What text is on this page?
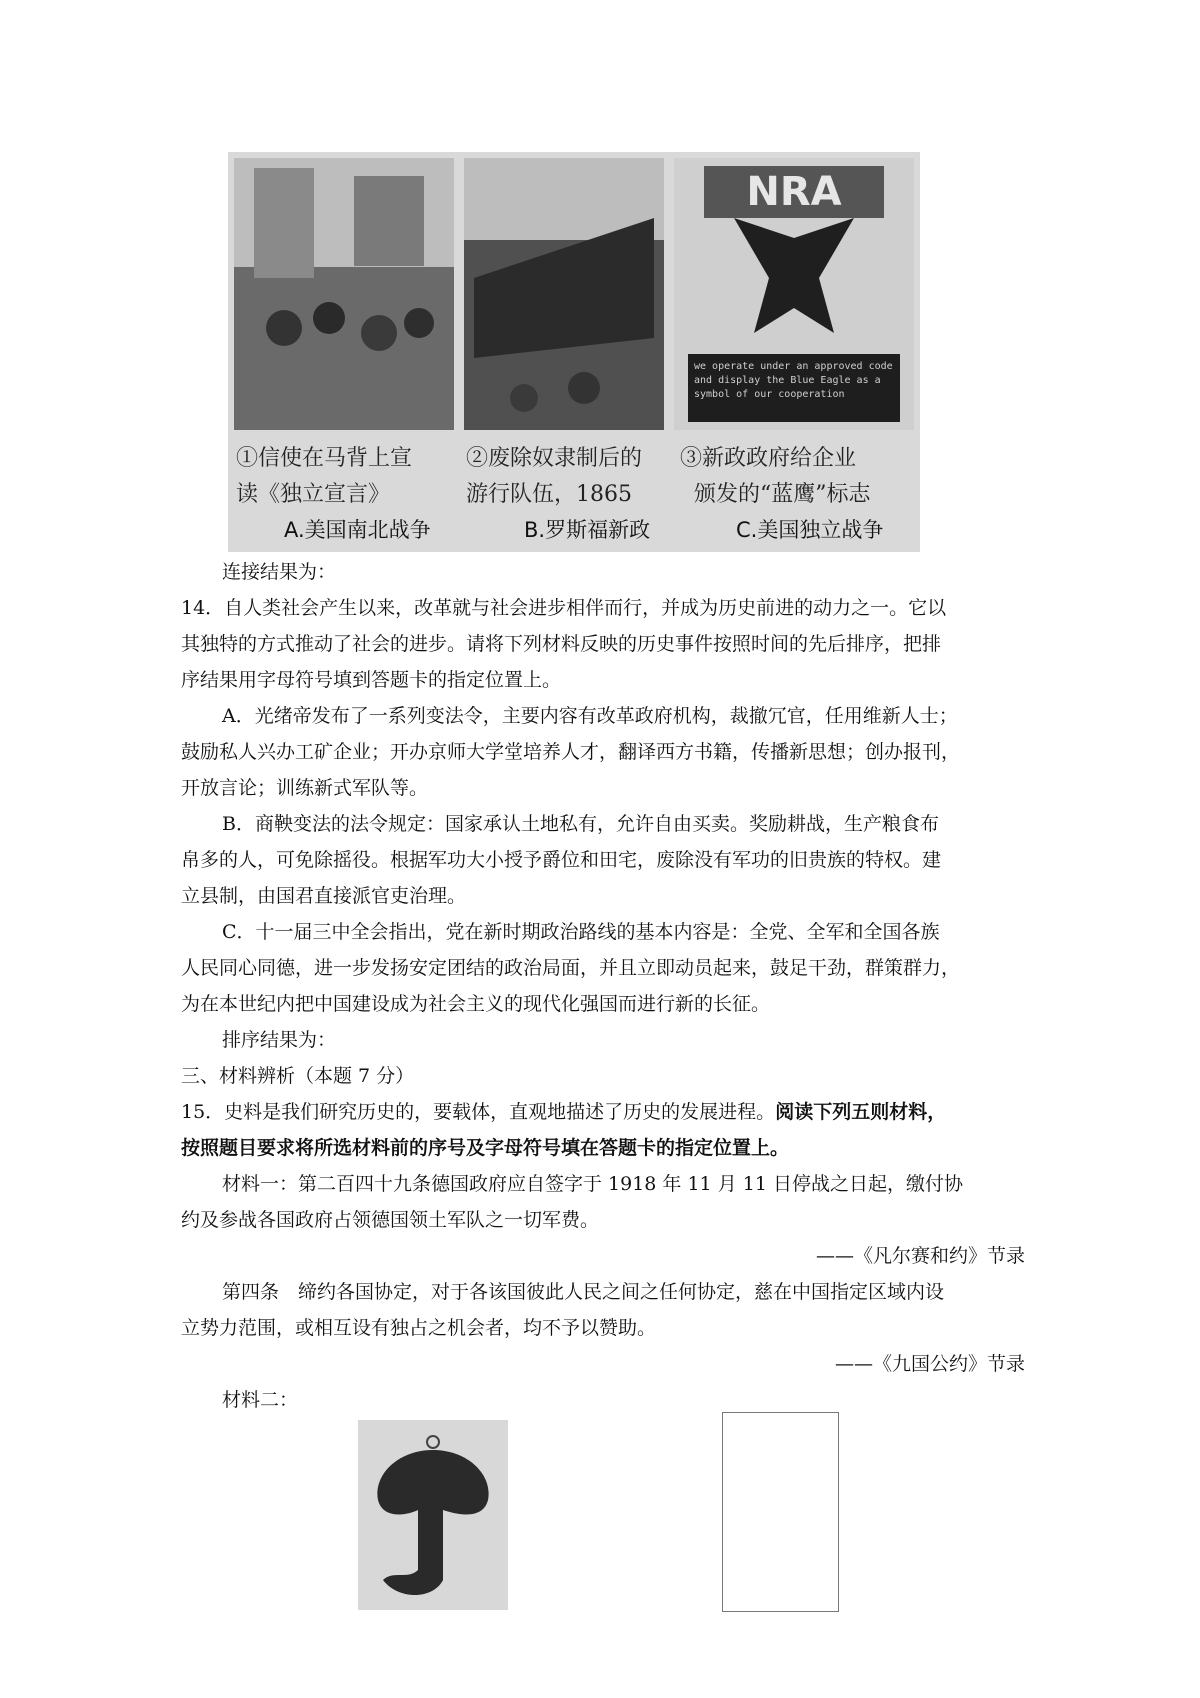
NRA
we operate under an approved code and display the Blue Eagle as a symbol of our cooperation
①信使在马背上宣
读《独立宣言》
②废除奴隶制后的
游行队伍，1865
③新政政府给企业
颁发的“蓝鹰”标志
A.美国南北战争	B.罗斯福新政	C.美国独立战争
连接结果为：
14．自人类社会产生以来，改革就与社会进步相伴而行，并成为历史前进的动力之一。它以
其独特的方式推动了社会的进步。请将下列材料反映的历史事件按照时间的先后排序，把排
序结果用字母符号填到答题卡的指定位置上。
A．光绪帝发布了一系列变法令，主要内容有改革政府机构，裁撤冗官，任用维新人士；
鼓励私人兴办工矿企业；开办京师大学堂培养人才，翻译西方书籍，传播新思想；创办报刊，
开放言论；训练新式军队等。
B．商鞅变法的法令规定：国家承认土地私有，允许自由买卖。奖励耕战，生产粮食布
帛多的人，可免除摇役。根据军功大小授予爵位和田宅，废除没有军功的旧贵族的特权。建
立县制，由国君直接派官吏治理。
C．十一届三中全会指出，党在新时期政治路线的基本内容是：全党、全军和全国各族
人民同心同德，进一步发扬安定团结的政治局面，并且立即动员起来，鼓足干劲，群策群力，
为在本世纪内把中国建设成为社会主义的现代化强国而进行新的长征。
排序结果为：
三、材料辨析（本题 7 分）
15．史料是我们研究历史的，要载体，直观地描述了历史的发展进程。阅读下列五则材料，
按照题目要求将所选材料前的序号及字母符号填在答题卡的指定位置上。
材料一：第二百四十九条德国政府应自签字于 1918 年 11 月 11 日停战之日起，缴付协
约及参战各国政府占领德国领土军队之一切军费。
——《凡尔赛和约》节录
第四条　缔约各国协定，对于各该国彼此人民之间之任何协定，慈在中国指定区域内设
立势力范围，或相互设有独占之机会者，均不予以赞助。
——《九国公约》节录
材料二：
